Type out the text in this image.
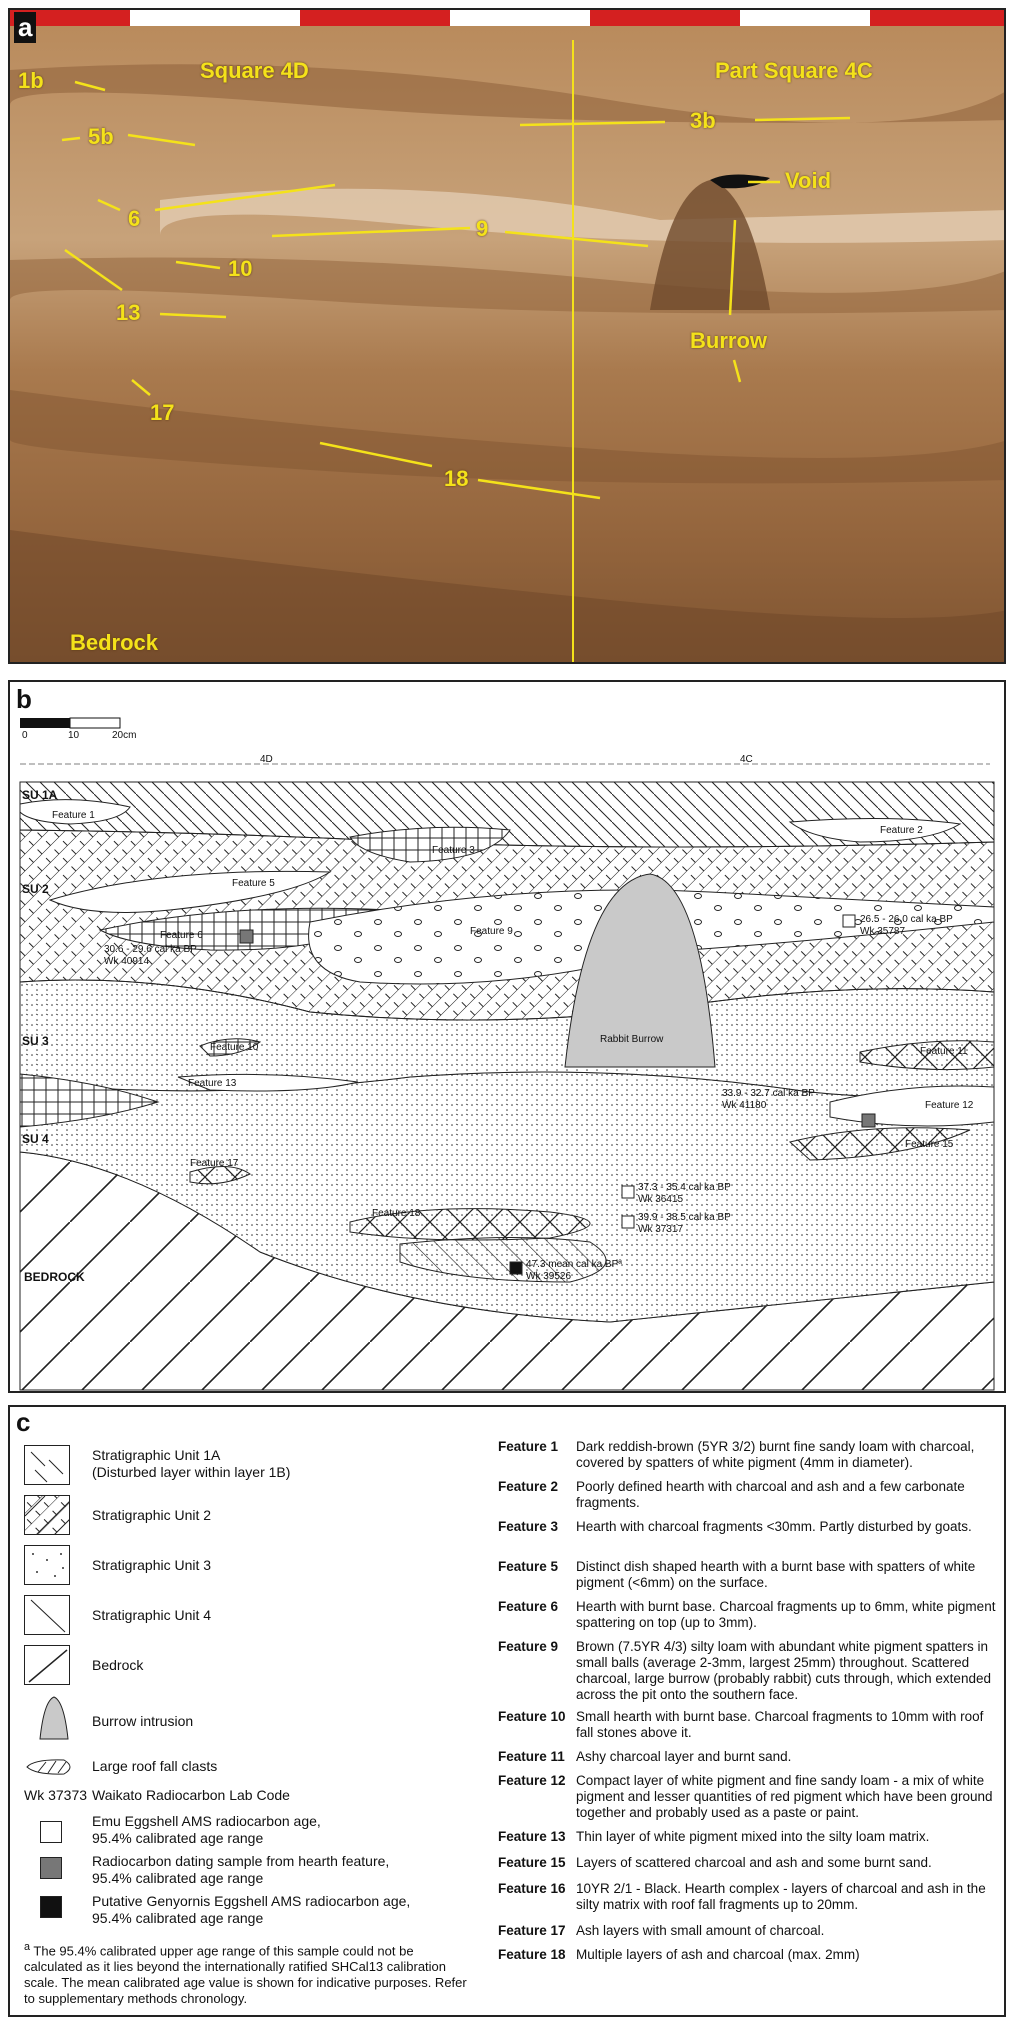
a
1b	Square 4D	Part Square 4C
5b
3b
Void
6	9
10
13
Burrow
17
18
Bedrock
b
0	10	20cm
4D	4C
SU 1A
SU 2
SU 3
SU 4
BEDROCK
Feature 1
Feature 2
Feature 3
Feature 5
Feature 6	Feature 9
Feature 10	Feature 11
Feature 12
Feature 13
Feature 15
Feature 17
Feature 18
Rabbit Burrow
26.5 - 26.0 cal ka BP
Wk 35787
30.6 - 29.6 cal ka BP
Wk 40914
33.9 - 32.7 cal ka BP
Wk 41180
37.3 - 35.4 cal ka BP
Wk 36415
39.9 - 38.5 cal ka BP
Wk 37317
47.3 mean cal ka BPª
Wk 39526
c
Stratigraphic Unit 1A
(Disturbed layer within layer 1B)
Stratigraphic Unit 2
Stratigraphic Unit 3
Stratigraphic Unit 4
Bedrock
Burrow intrusion
Large roof fall clasts
Wk 37373 Waikato Radiocarbon Lab Code
Emu Eggshell AMS radiocarbon age,
95.4% calibrated age range
Radiocarbon dating sample from hearth feature,
95.4% calibrated age range
Putative Genyornis Eggshell AMS radiocarbon age,
95.4% calibrated age range
$^a$ The 95.4% calibrated upper age range of this sample could not be calculated as it lies beyond the internationally ratified SHCal13 calibration scale. The mean calibrated age value is shown for indicative purposes. Refer to supplementary methods chronology.
Feature 1 Dark reddish-brown (5YR 3/2) burnt fine sandy loam with charcoal, covered by spatters of white pigment (4mm in diameter).
Feature 2 Poorly defined hearth with charcoal and ash and a few carbonate fragments.
Feature 3 Hearth with charcoal fragments <30mm. Partly disturbed by goats.
Feature 5 Distinct dish shaped hearth with a burnt base with spatters of white pigment (<6mm) on the surface.
Feature 6 Hearth with burnt base. Charcoal fragments up to 6mm, white pigment spattering on top (up to 3mm).
Feature 9 Brown (7.5YR 4/3) silty loam with abundant white pigment spatters in small balls (average 2-3mm, largest 25mm) throughout. Scattered charcoal, large burrow (probably rabbit) cuts through, which extended across the pit onto the southern face.
Feature 10 Small hearth with burnt base. Charcoal fragments to 10mm with roof fall stones above it.
Feature 11 Ashy charcoal layer and burnt sand.
Feature 12 Compact layer of white pigment and fine sandy loam - a mix of white pigment and lesser quantities of red pigment which have been ground together and probably used as a paste or paint.
Feature 13 Thin layer of white pigment mixed into the silty loam matrix.
Feature 15 Layers of scattered charcoal and ash and some burnt sand.
Feature 16 10YR 2/1 - Black. Hearth complex - layers of charcoal and ash in the silty matrix with roof fall fragments up to 20mm.
Feature 17 Ash layers with small amount of charcoal.
Feature 18 Multiple layers of ash and charcoal (max. 2mm)
